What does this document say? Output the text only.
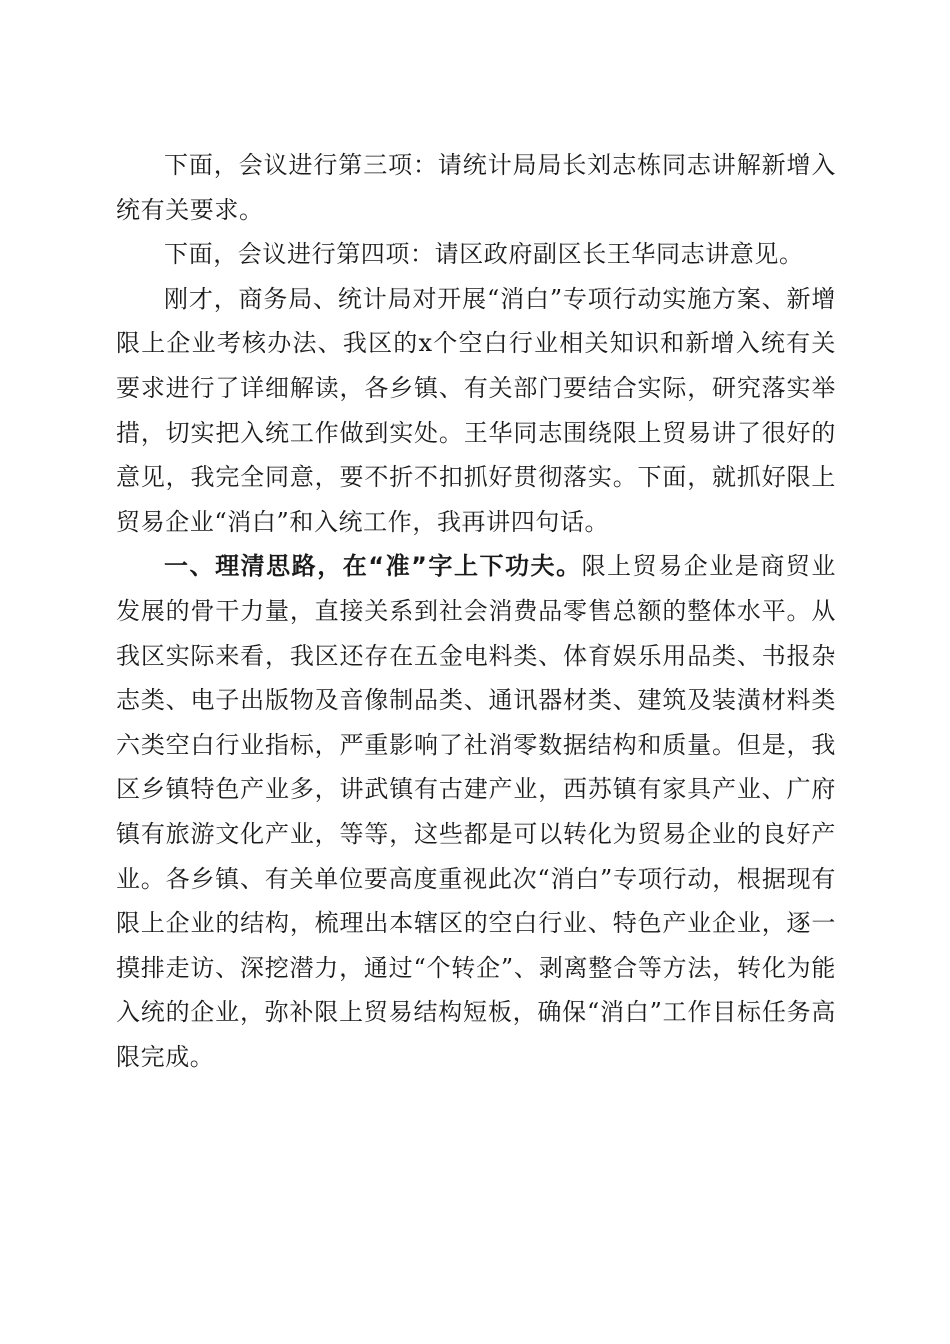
下面，会议进行第三项：请统计局局长刘志栋同志讲解新增入统有关要求。

下面，会议进行第四项：请区政府副区长王华同志讲意见。

刚才，商务局、统计局对开展“消白”专项行动实施方案、新增限上企业考核办法、我区的x个空白行业相关知识和新增入统有关要求进行了详细解读，各乡镇、有关部门要结合实际，研究落实举措，切实把入统工作做到实处。王华同志围绕限上贸易讲了很好的意见，我完全同意，要不折不扣抓好贯彻落实。下面，就抓好限上贸易企业“消白”和入统工作，我再讲四句话。

一、理清思路，在“准”字上下功夫。限上贸易企业是商贸业发展的骨干力量，直接关系到社会消费品零售总额的整体水平。从我区实际来看，我区还存在五金电料类、体育娱乐用品类、书报杂志类、电子出版物及音像制品类、通讯器材类、建筑及装潢材料类六类空白行业指标，严重影响了社消零数据结构和质量。但是，我区乡镇特色产业多，讲武镇有古建产业，西苏镇有家具产业、广府镇有旅游文化产业，等等，这些都是可以转化为贸易企业的良好产业。各乡镇、有关单位要高度重视此次“消白”专项行动，根据现有限上企业的结构，梳理出本辖区的空白行业、特色产业企业，逐一摸排走访、深挖潜力，通过“个转企”、剥离整合等方法，转化为能入统的企业，弥补限上贸易结构短板，确保“消白”工作目标任务高限完成。
